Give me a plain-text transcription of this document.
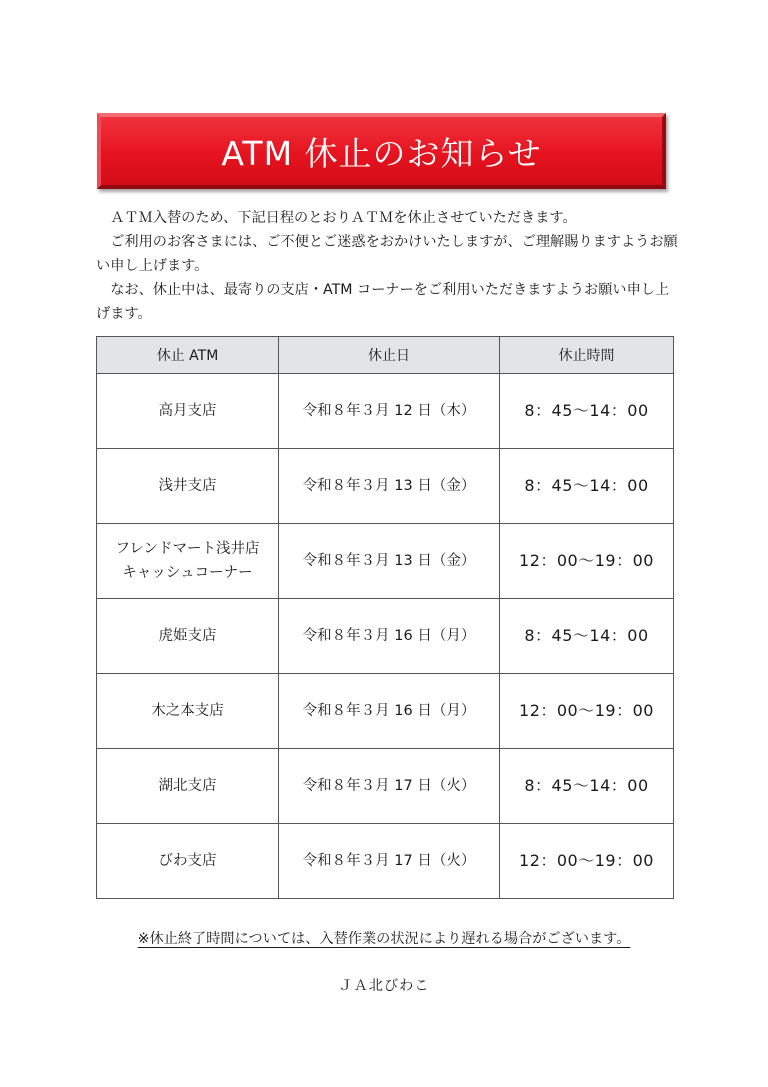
ATM 休止のお知らせ

ＡＴＭ入替のため、下記日程のとおりＡＴＭを休止させていただきます。

ご利用のお客さまには、ご不便とご迷惑をおかけいたしますが、ご理解賜りますようお願い申し上げます。

なお、休止中は、最寄りの支店・ATM コーナーをご利用いただきますようお願い申し上げます。

休止 ATM	休止日	休止時間

高月支店	令和８年３月 12 日（木）	8：45～14：00

浅井支店	令和８年３月 13 日（金）	8：45～14：00

フレンドマート浅井店
キャッシュコーナー	令和８年３月 13 日（金）	12：00～19：00

虎姫支店	令和８年３月 16 日（月）	8：45～14：00

木之本支店	令和８年３月 16 日（月）	12：00～19：00

湖北支店	令和８年３月 17 日（火）	8：45～14：00

びわ支店	令和８年３月 17 日（火）	12：00～19：00
※休止終了時間については、入替作業の状況により遅れる場合がございます。
ＪＡ北びわこ
